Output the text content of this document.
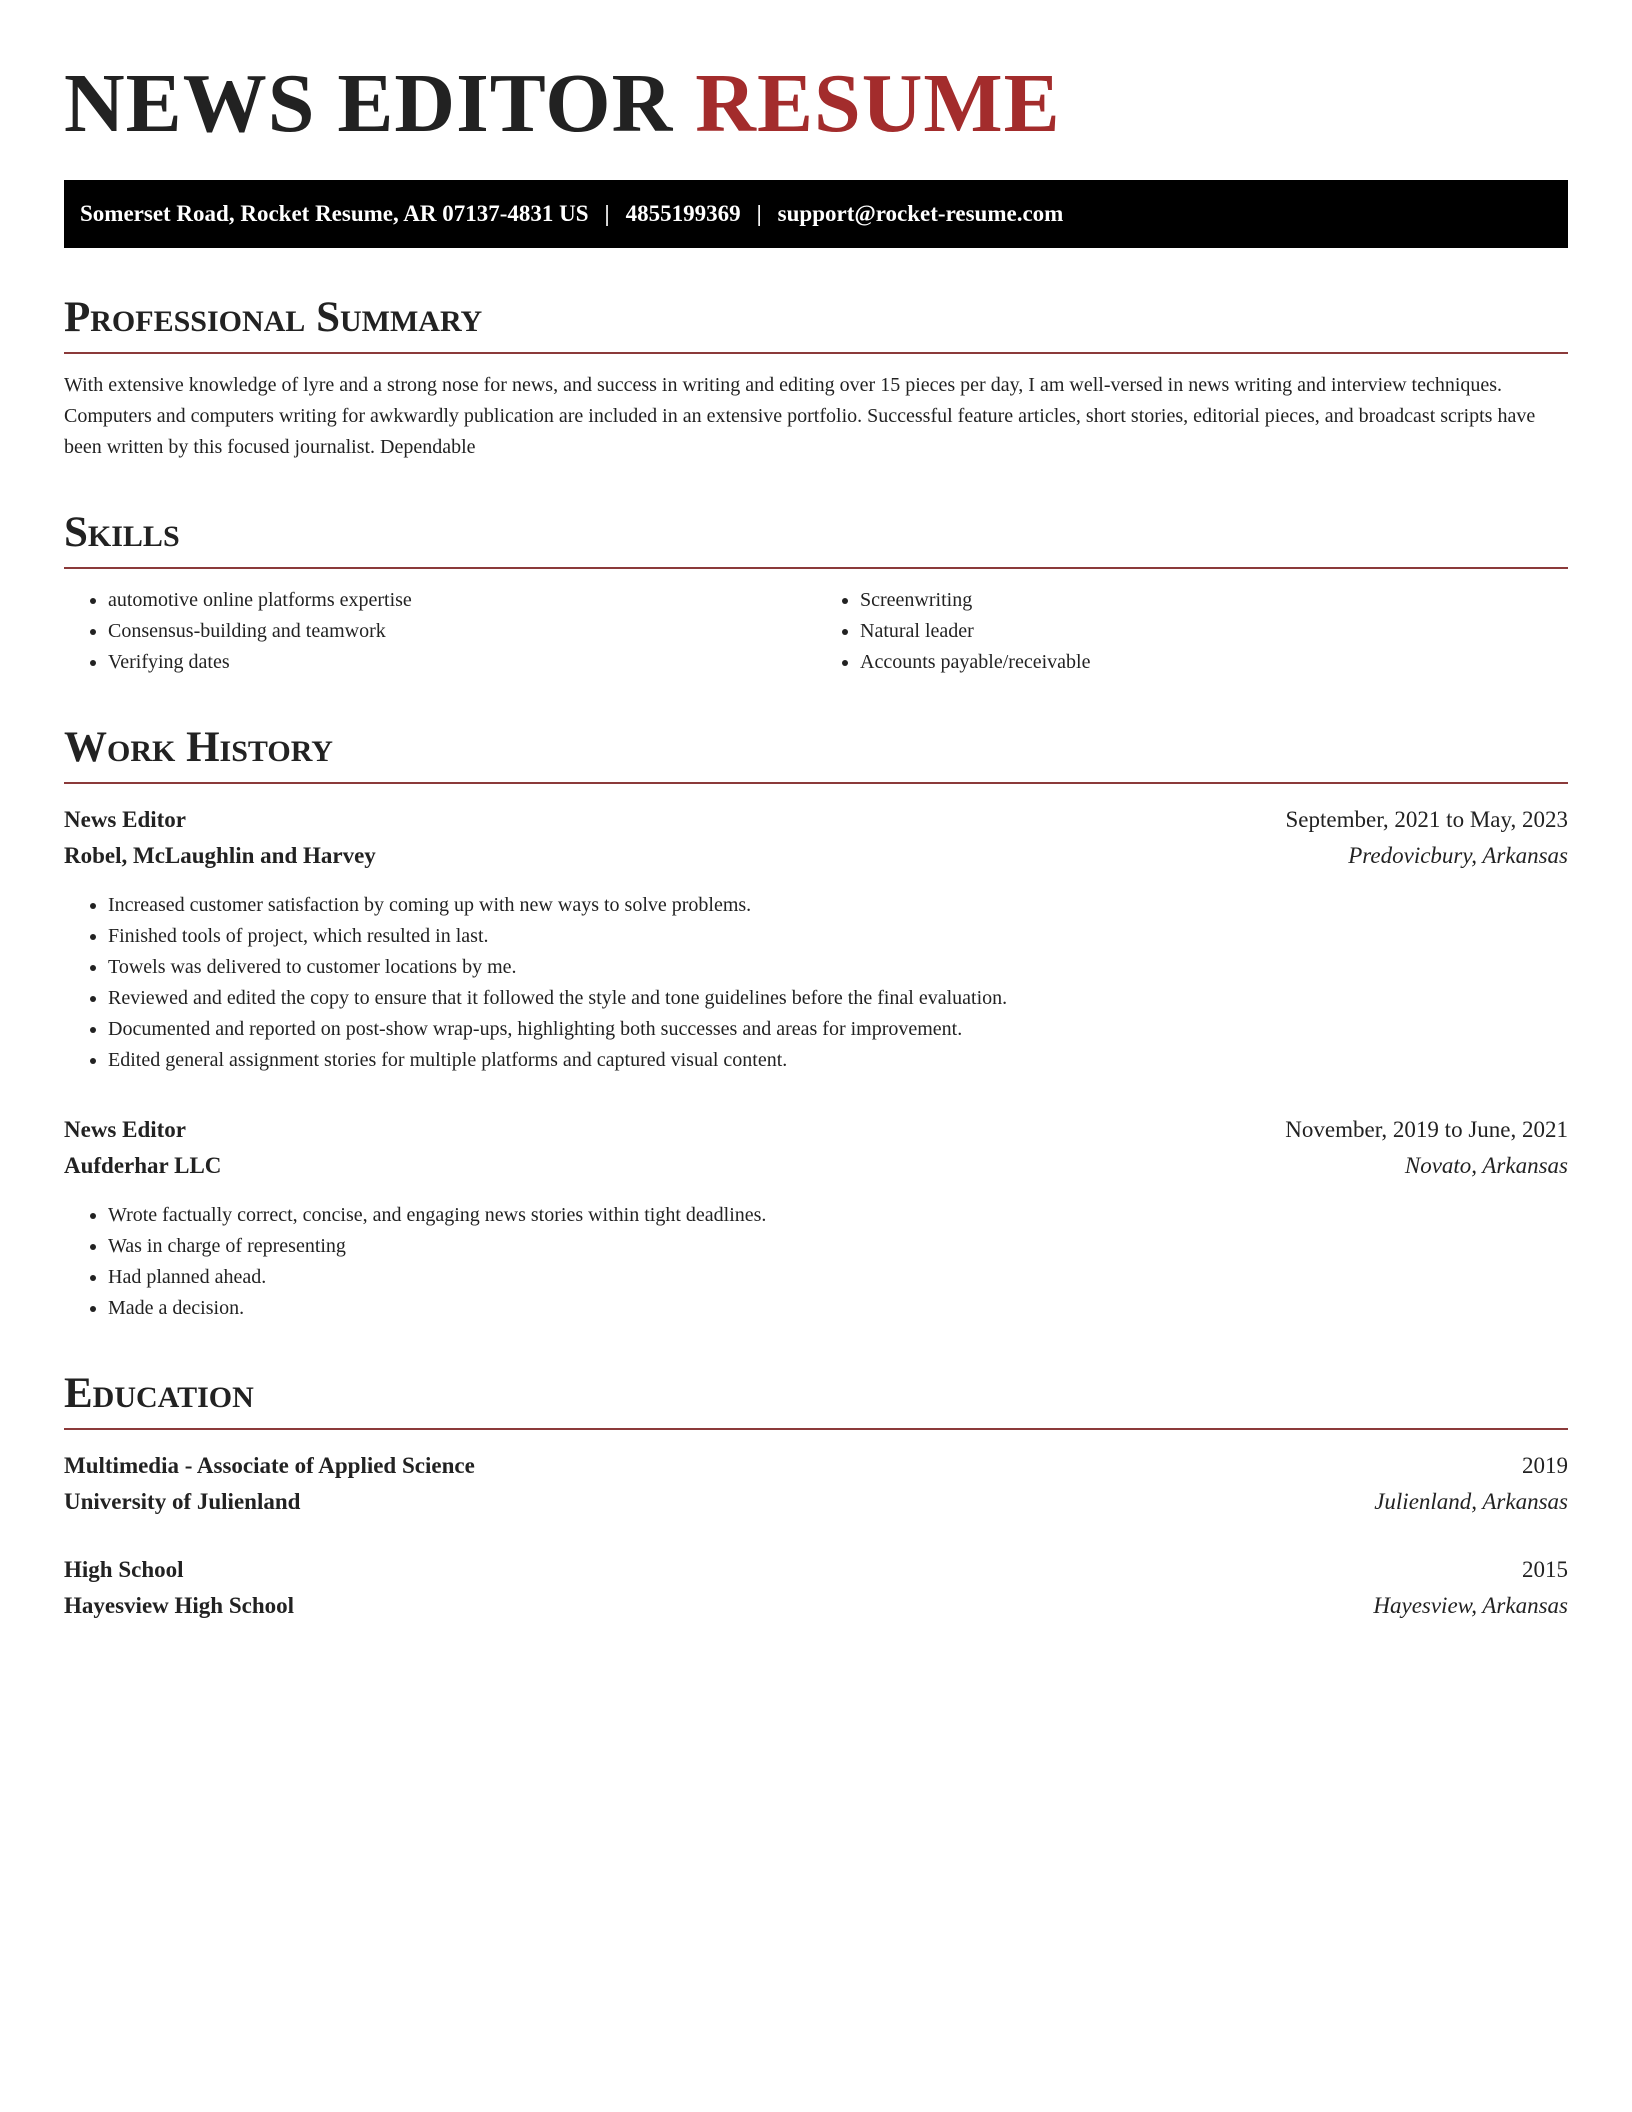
NEWS EDITOR RESUME
Somerset Road, Rocket Resume, AR 07137-4831 US | 4855199369 | support@rocket-resume.com
Professional Summary

With extensive knowledge of lyre and a strong nose for news, and success in writing and editing over 15 pieces per day, I am well-versed in news writing and interview techniques. Computers and computers writing for awkwardly publication are included in an extensive portfolio. Successful feature articles, short stories, editorial pieces, and broadcast scripts have been written by this focused journalist. Dependable

Skills
• automotive online platforms expertise
• Consensus-building and teamwork
• Verifying dates
• Screenwriting
• Natural leader
• Accounts payable/receivable
Work History
News Editor	September, 2021 to May, 2023
Robel, McLaughlin and Harvey	Predovicbury, Arkansas
• Increased customer satisfaction by coming up with new ways to solve problems.
• Finished tools of project, which resulted in last.
• Towels was delivered to customer locations by me.
• Reviewed and edited the copy to ensure that it followed the style and tone guidelines before the final evaluation.
• Documented and reported on post-show wrap-ups, highlighting both successes and areas for improvement.
• Edited general assignment stories for multiple platforms and captured visual content.
News Editor	November, 2019 to June, 2021
Aufderhar LLC	Novato, Arkansas
• Wrote factually correct, concise, and engaging news stories within tight deadlines.
• Was in charge of representing
• Had planned ahead.
• Made a decision.
Education
Multimedia - Associate of Applied Science	2019
University of Julienland	Julienland, Arkansas
High School	2015
Hayesview High School	Hayesview, Arkansas
